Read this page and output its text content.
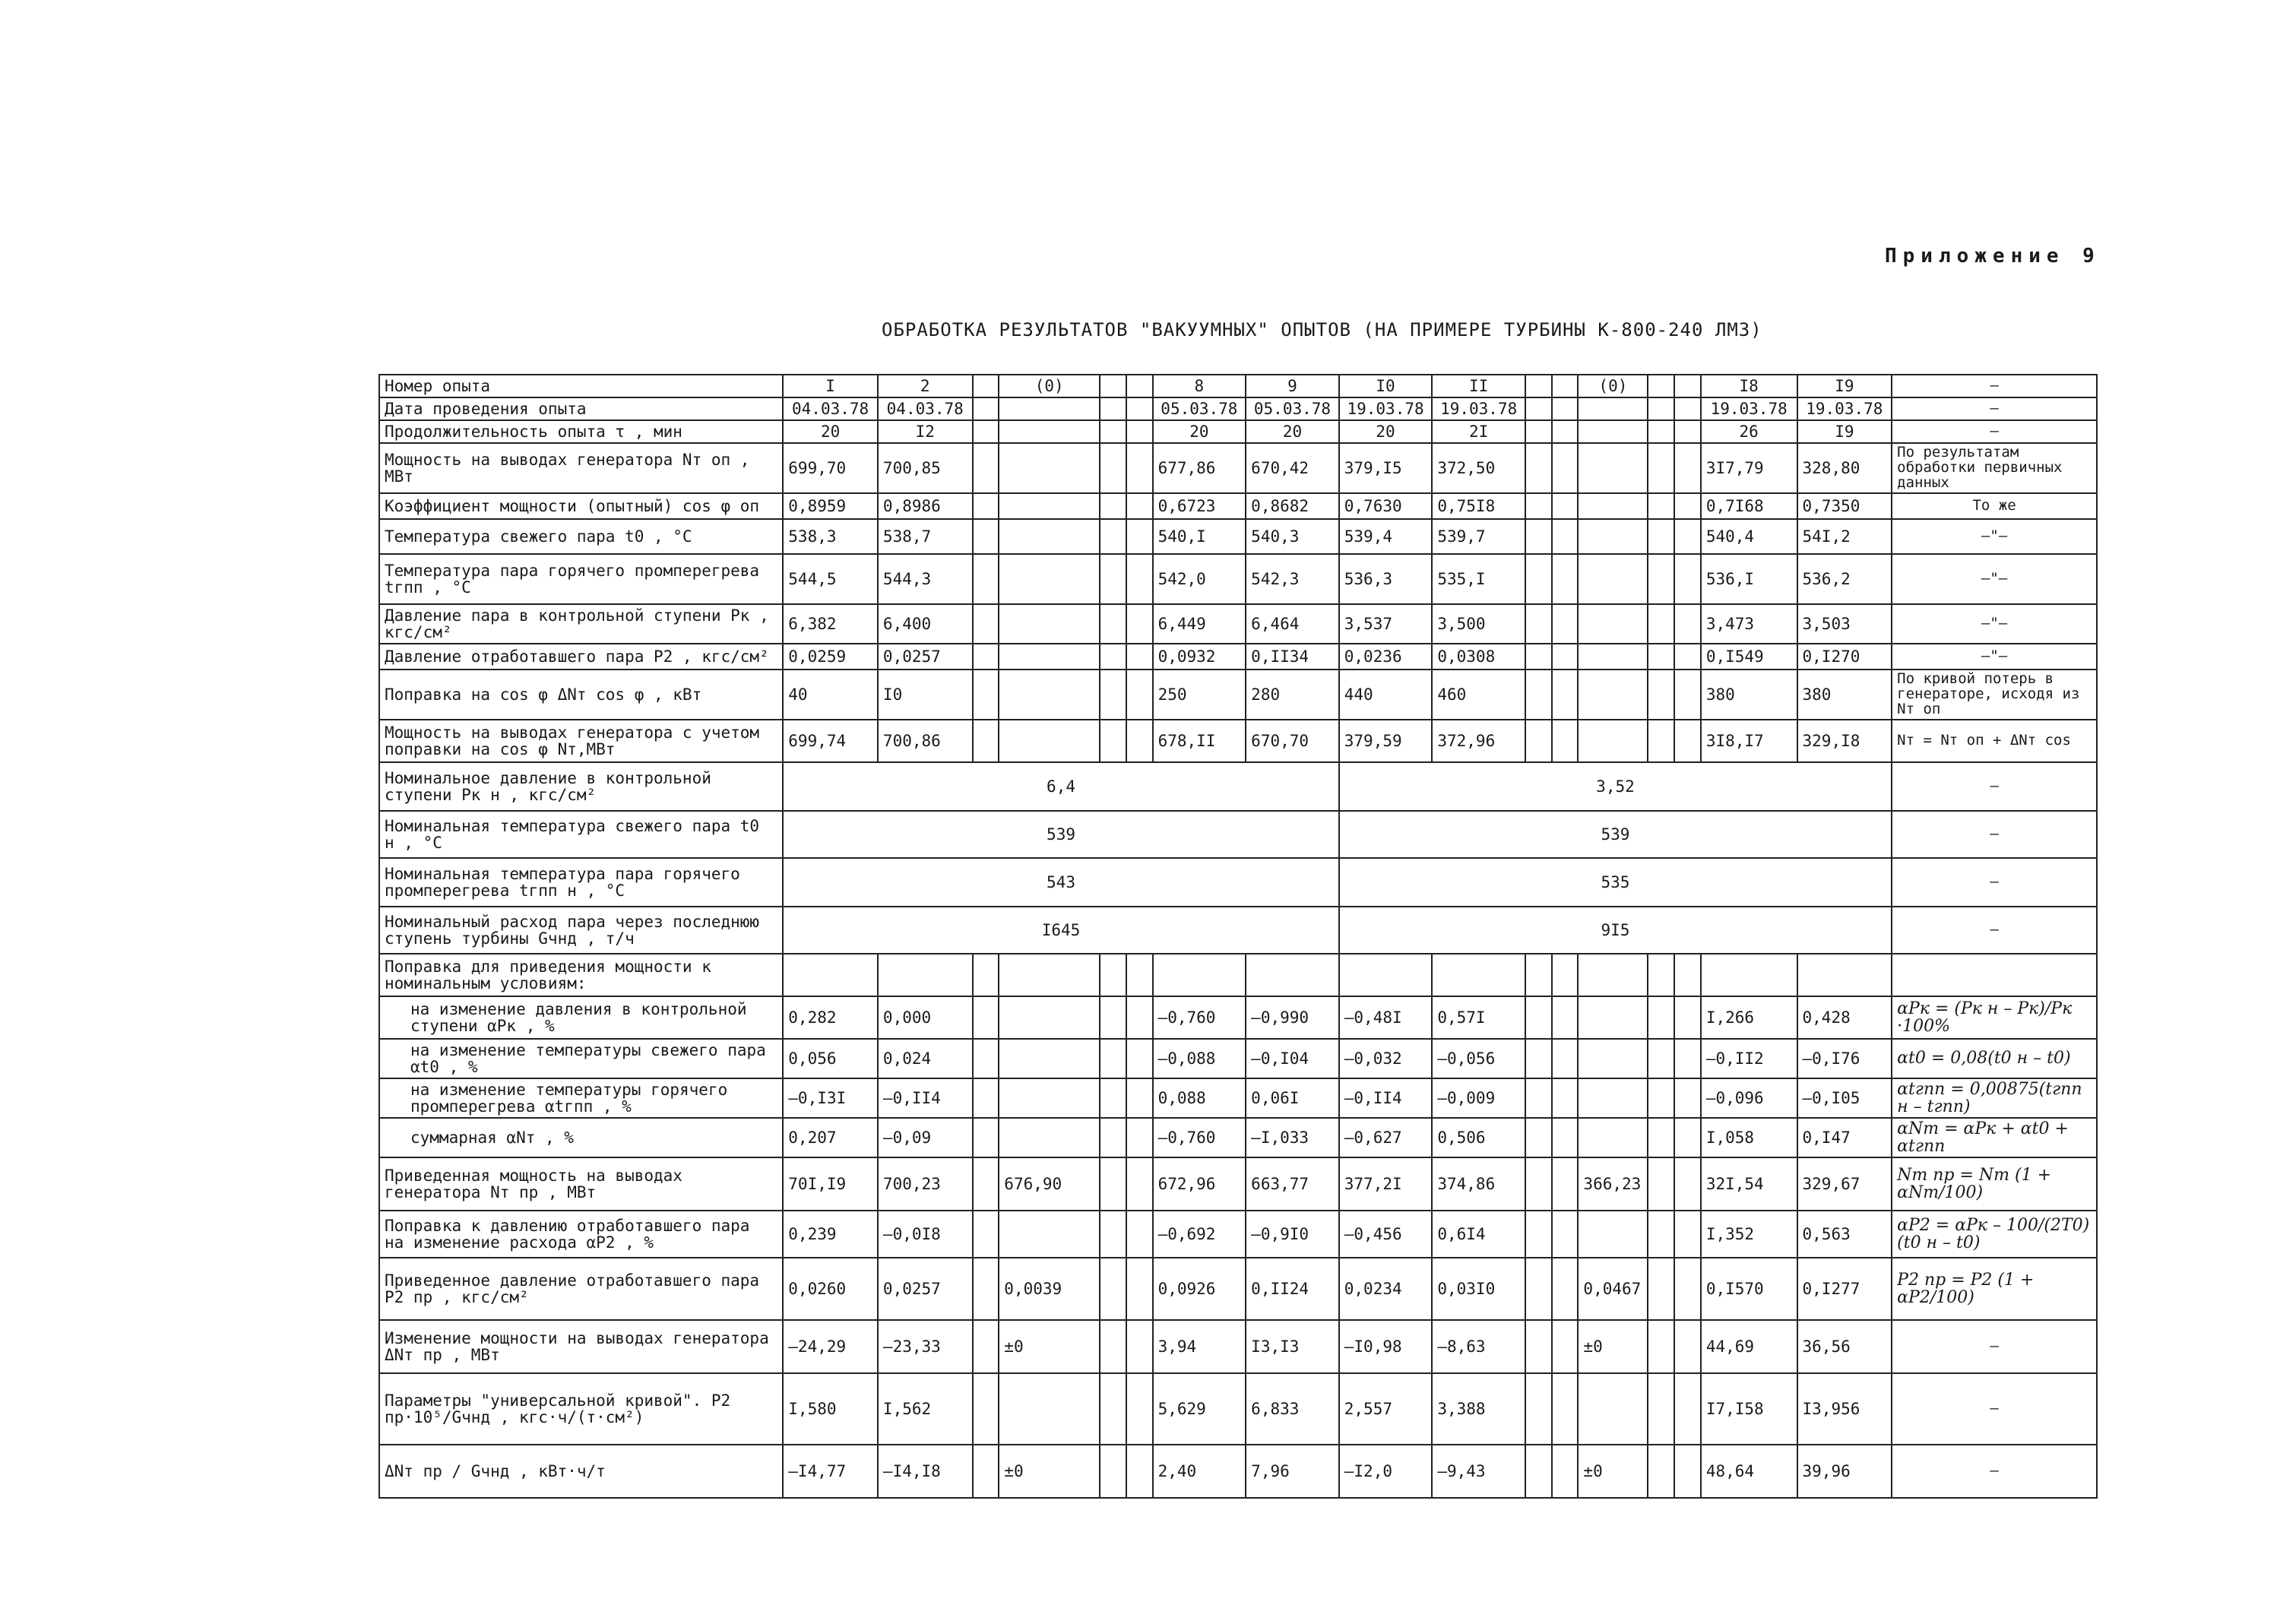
Приложение 9
ОБРАБОТКА РЕЗУЛЬТАТОВ "ВАКУУМНЫХ" ОПЫТОВ (НА ПРИМЕРЕ ТУРБИНЫ К-800-240 ЛМЗ)
Номер опыта	I	2		(0)			8	9	I0	II			(0)			I8	I9	–
Дата проведения опыта	04.03.78	04.03.78					05.03.78	05.03.78	19.03.78	19.03.78						19.03.78	19.03.78	–
Продолжительность опыта τ , мин	20	I2					20	20	20	2I						26	I9	–
Мощность на выводах генератора Nт оп , МВт	699,70	700,85					677,86	670,42	379,I5	372,50						3I7,79	328,80	По результатам обработки первичных данных
Коэффициент мощности (опытный) cos φ оп	0,8959	0,8986					0,6723	0,8682	0,7630	0,75I8						0,7I68	0,7350	То же
Температура свежего пара t0 , °С	538,3	538,7					540,I	540,3	539,4	539,7						540,4	54I,2	–"–
Температура пара горячего промперегрева tгпп , °С	544,5	544,3					542,0	542,3	536,3	535,I						536,I	536,2	–"–
Давление пара в контрольной ступени Pк , кгс/см²	6,382	6,400					6,449	6,464	3,537	3,500						3,473	3,503	–"–
Давление отработавшего пара P2 , кгс/см²	0,0259	0,0257					0,0932	0,II34	0,0236	0,0308						0,I549	0,I270	–"–
Поправка на cos φ ΔNт cos φ , кВт	40	I0					250	280	440	460						380	380	По кривой потерь в генераторе, исходя из Nт оп
Мощность на выводах генератора с учетом поправки на cos φ Nт,МВт	699,74	700,86					678,II	670,70	379,59	372,96						3I8,I7	329,I8	Nт = Nт оп + ΔNт cos
Номинальное давление в контрольной ступени Pк н , кгс/см²	6,4								3,52									–
Номинальная температура свежего пара t0 н , °С	539								539									–
Номинальная температура пара горячего промперегрева tгпп н , °С	543								535									–
Номинальный расход пара через последнюю ступень турбины Gчнд , т/ч	I645								9I5									–
Поправка для приведения мощности к номинальным условиям:																		
на изменение давления в контрольной ступени αPк , %	0,282	0,000					–0,760	–0,990	–0,48I	0,57I						I,266	0,428	αPк = (Pк н – Pк)/Pк ·100%
на изменение температуры свежего пара αt0 , %	0,056	0,024					–0,088	–0,I04	–0,032	–0,056						–0,II2	–0,I76	αt0 = 0,08(t0 н – t0)
на изменение температуры горячего промперегрева αtгпп , %	–0,I3I	–0,II4					0,088	0,06I	–0,II4	–0,009						–0,096	–0,I05	αtгпп = 0,00875(tгпп н – tгпп)
суммарная αNт , %	0,207	–0,09					–0,760	–I,033	–0,627	0,506						I,058	0,I47	αNт = αPк + αt0 + αtгпп
Приведенная мощность на выводах генератора Nт пр , МВт	70I,I9	700,23		676,90			672,96	663,77	377,2I	374,86			366,23			32I,54	329,67	Nт пр = Nт (1 + αNт/100)
Поправка к давлению отработавшего пара на изменение расхода αP2 , %	0,239	–0,0I8					–0,692	–0,9I0	–0,456	0,6I4						I,352	0,563	αP2 = αPк – 100/(2T0) (t0 н – t0)
Приведенное давление отработавшего пара P2 пр , кгс/см²	0,0260	0,0257		0,0039			0,0926	0,II24	0,0234	0,03I0			0,0467			0,I570	0,I277	P2 пр = P2 (1 + αP2/100)
Изменение мощности на выводах генератора ΔNт пр , МВт	–24,29	–23,33		±0			3,94	I3,I3	–I0,98	–8,63			±0			44,69	36,56	–
Параметры "универсальной кривой". P2 пр·10⁵/Gчнд , кгс·ч/(т·см²)	I,580	I,562					5,629	6,833	2,557	3,388						I7,I58	I3,956	–
ΔNт пр / Gчнд , кВт·ч/т	–I4,77	–I4,I8		±0			2,40	7,96	–I2,0	–9,43			±0			48,64	39,96	–
